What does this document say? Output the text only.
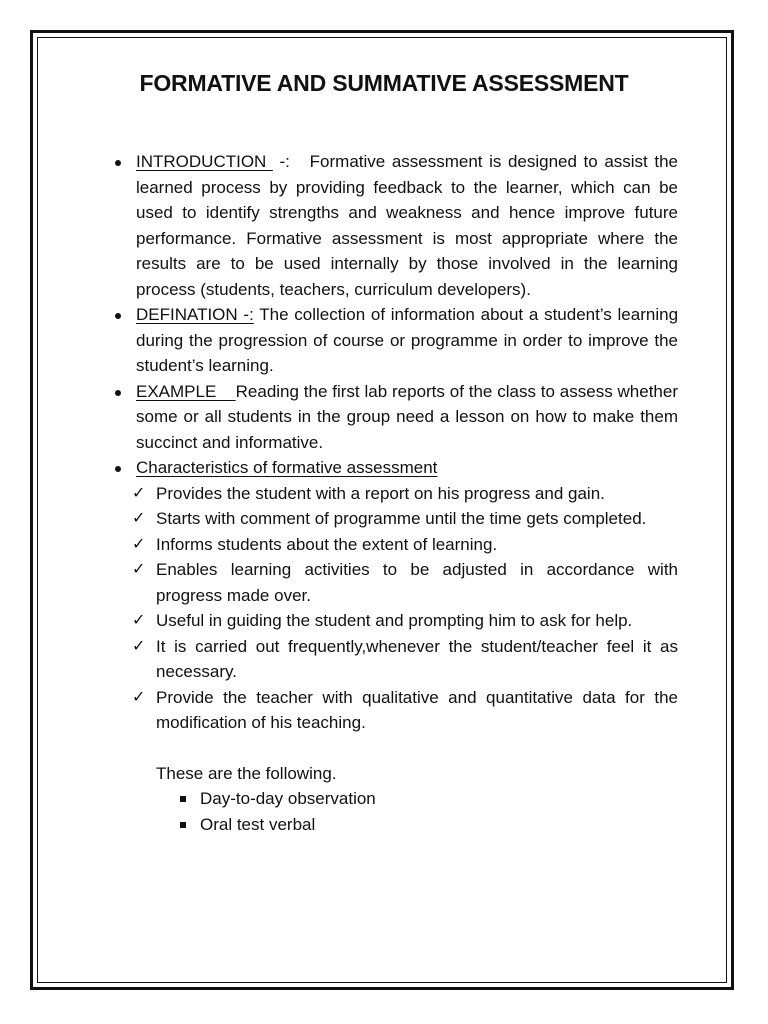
FORMATIVE AND SUMMATIVE ASSESSMENT
INTRODUCTION  -:   Formative assessment is designed to assist the learned process by providing feedback to the learner, which can be used to identify strengths and weakness and hence improve future performance. Formative assessment is most appropriate where the results are to be used internally by those involved in the learning process (students, teachers, curriculum developers).
DEFINATION -: The collection of information about a student’s learning during the progression of course or programme in order to improve the student’s learning.
EXAMPLE    Reading the first lab reports of the class to assess whether some or all students in the group need a lesson on how to make them succinct and informative.
Characteristics of formative assessment
✓ Provides the student with a report on his progress and gain.
✓ Starts with comment of programme until the time gets completed.
✓ Informs students about the extent of learning.
✓ Enables learning activities to be adjusted in accordance with progress made over.
✓ Useful in guiding the student and prompting him to ask for help.
✓ It is carried out frequently,whenever the student/teacher feel it as necessary.
✓ Provide the teacher with qualitative and quantitative data for the modification of his teaching.
These are the following.
Day-to-day observation
Oral test verbal
